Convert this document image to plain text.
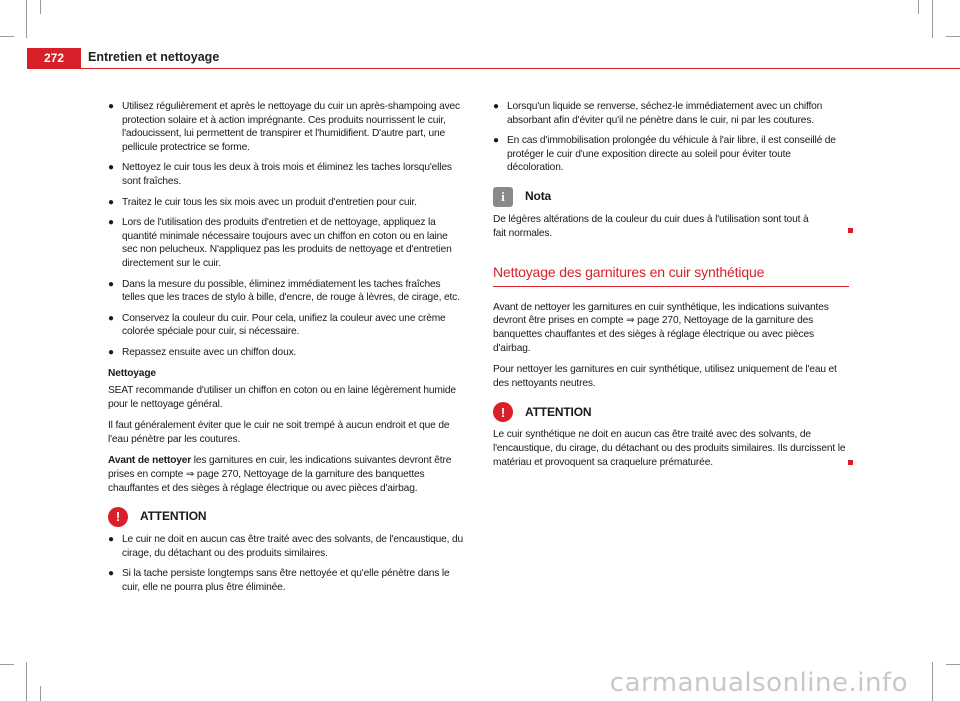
272	Entretien et nettoyage
● Utilisez régulièrement et après le nettoyage du cuir un après-shampoing avec protection solaire et à action imprégnante. Ces produits nourrissent le cuir, l'adoucissent, lui permettent de transpirer et l'humidifient. D'autre part, une pellicule protectrice se forme.
● Nettoyez le cuir tous les deux à trois mois et éliminez les taches lorsqu'elles sont fraîches.
● Traitez le cuir tous les six mois avec un produit d'entretien pour cuir.
● Lors de l'utilisation des produits d'entretien et de nettoyage, appliquez la quantité minimale nécessaire toujours avec un chiffon en coton ou en laine sec non pelucheux. N'appliquez pas les produits de nettoyage et d'entretien directement sur le cuir.
● Dans la mesure du possible, éliminez immédiatement les taches fraîches telles que les traces de stylo à bille, d'encre, de rouge à lèvres, de cirage, etc.
● Conservez la couleur du cuir. Pour cela, unifiez la couleur avec une crème colorée spéciale pour cuir, si nécessaire.
● Repassez ensuite avec un chiffon doux.
Nettoyage

SEAT recommande d'utiliser un chiffon en coton ou en laine légèrement humide pour le nettoyage général.

Il faut généralement éviter que le cuir ne soit trempé à aucun endroit et que de l'eau pénètre par les coutures.

Avant de nettoyer les garnitures en cuir, les indications suivantes devront être prises en compte ⇒ page 270, Nettoyage de la garniture des banquettes chauffantes et des sièges à réglage électrique ou avec pièces d'airbag.

!	ATTENTION
● Le cuir ne doit en aucun cas être traité avec des solvants, de l'encaustique, du cirage, du détachant ou des produits similaires.
● Si la tache persiste longtemps sans être nettoyée et qu'elle pénètre dans le cuir, elle ne pourra plus être éliminée.
● Lorsqu'un liquide se renverse, séchez-le immédiatement avec un chiffon absorbant afin d'éviter qu'il ne pénètre dans le cuir, ni par les coutures.
● En cas d'immobilisation prolongée du véhicule à l'air libre, il est conseillé de protéger le cuir d'une exposition directe au soleil pour éviter toute décoloration.
i	Nota

De légères altérations de la couleur du cuir dues à l'utilisation sont tout à fait normales.

Nettoyage des garnitures en cuir synthétique

Avant de nettoyer les garnitures en cuir synthétique, les indications suivantes devront être prises en compte ⇒ page 270, Nettoyage de la garniture des banquettes chauffantes et des sièges à réglage électrique ou avec pièces d'airbag.

Pour nettoyer les garnitures en cuir synthétique, utilisez uniquement de l'eau et des nettoyants neutres.

!	ATTENTION

Le cuir synthétique ne doit en aucun cas être traité avec des solvants, de l'encaustique, du cirage, du détachant ou des produits similaires. Ils durcissent le matériau et provoquent sa craquelure prématurée.

carmanualsonline.info
